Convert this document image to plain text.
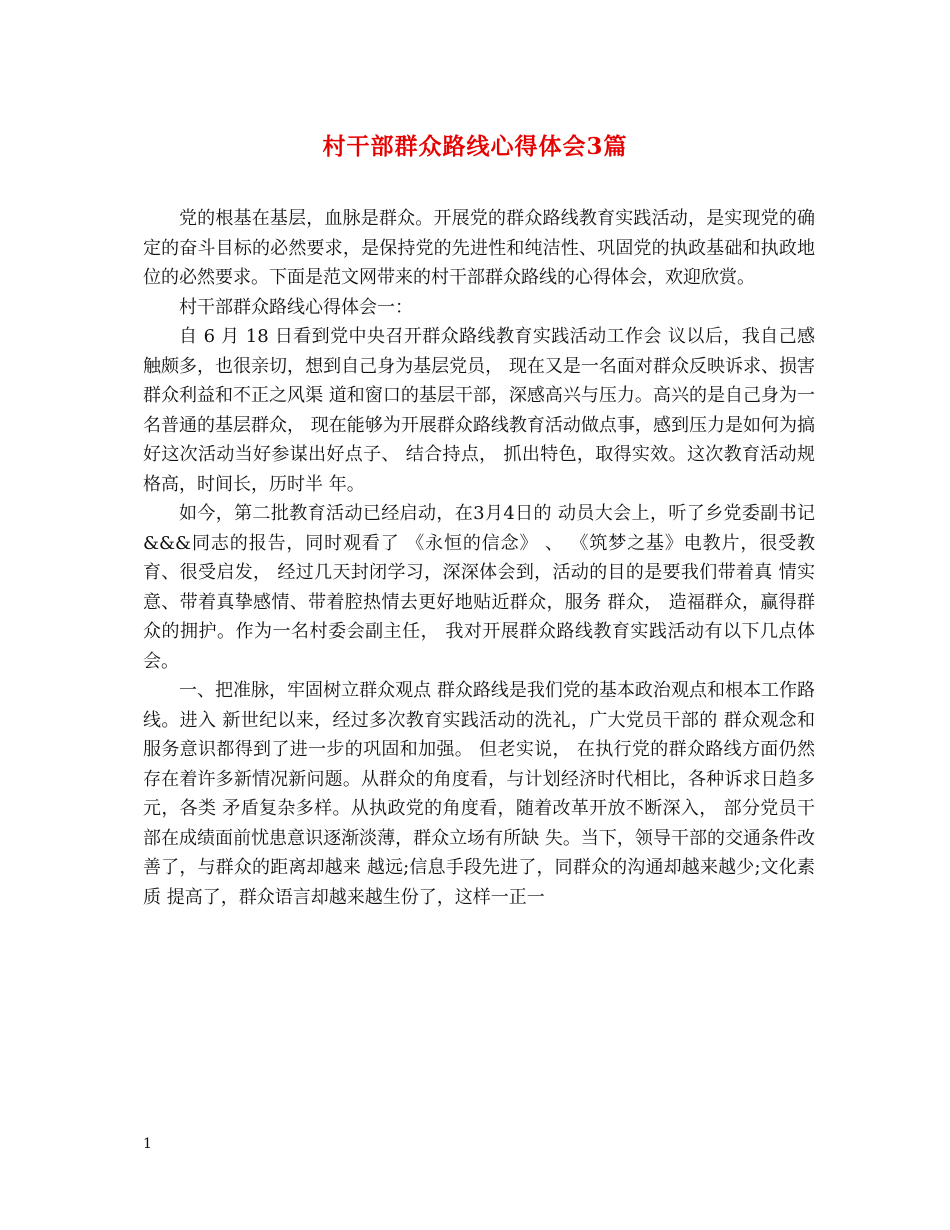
村干部群众路线心得体会3篇

党的根基在基层，血脉是群众。开展党的群众路线教育实践活动，是实现党的确定的奋斗目标的必然要求，是保持党的先进性和纯洁性、巩固党的执政基础和执政地位的必然要求。下面是范文网带来的村干部群众路线的心得体会，欢迎欣赏。

村干部群众路线心得体会一：

自 6 月 18 日看到党中央召开群众路线教育实践活动工作会 议以后，我自己感触颇多，也很亲切，想到自己身为基层党员， 现在又是一名面对群众反映诉求、损害群众利益和不正之风渠 道和窗口的基层干部，深感高兴与压力。高兴的是自己身为一 名普通的基层群众， 现在能够为开展群众路线教育活动做点事，感到压力是如何为搞好这次活动当好参谋出好点子、 结合持点， 抓出特色，取得实效。这次教育活动规格高，时间长，历时半 年。

如今，第二批教育活动已经启动，在3月4日的 动员大会上，听了乡党委副书记&&&同志的报告，同时观看了 《永恒的信念》 、 《筑梦之基》电教片，很受教育、很受启发， 经过几天封闭学习，深深体会到，活动的目的是要我们带着真 情实意、带着真挚感情、带着腔热情去更好地贴近群众，服务 群众， 造福群众，赢得群众的拥护。作为一名村委会副主任， 我对开展群众路线教育实践活动有以下几点体会。

一、把准脉，牢固树立群众观点 群众路线是我们党的基本政治观点和根本工作路线。进入 新世纪以来，经过多次教育实践活动的洗礼，广大党员干部的 群众观念和服务意识都得到了进一步的巩固和加强。 但老实说， 在执行党的群众路线方面仍然存在着许多新情况新问题。从群众的角度看，与计划经济时代相比，各种诉求日趋多元，各类 矛盾复杂多样。从执政党的角度看，随着改革开放不断深入， 部分党员干部在成绩面前忧患意识逐渐淡薄，群众立场有所缺 失。当下，领导干部的交通条件改善了，与群众的距离却越来 越远;信息手段先进了，同群众的沟通却越来越少;文化素质 提高了，群众语言却越来越生份了，这样一正一

1
